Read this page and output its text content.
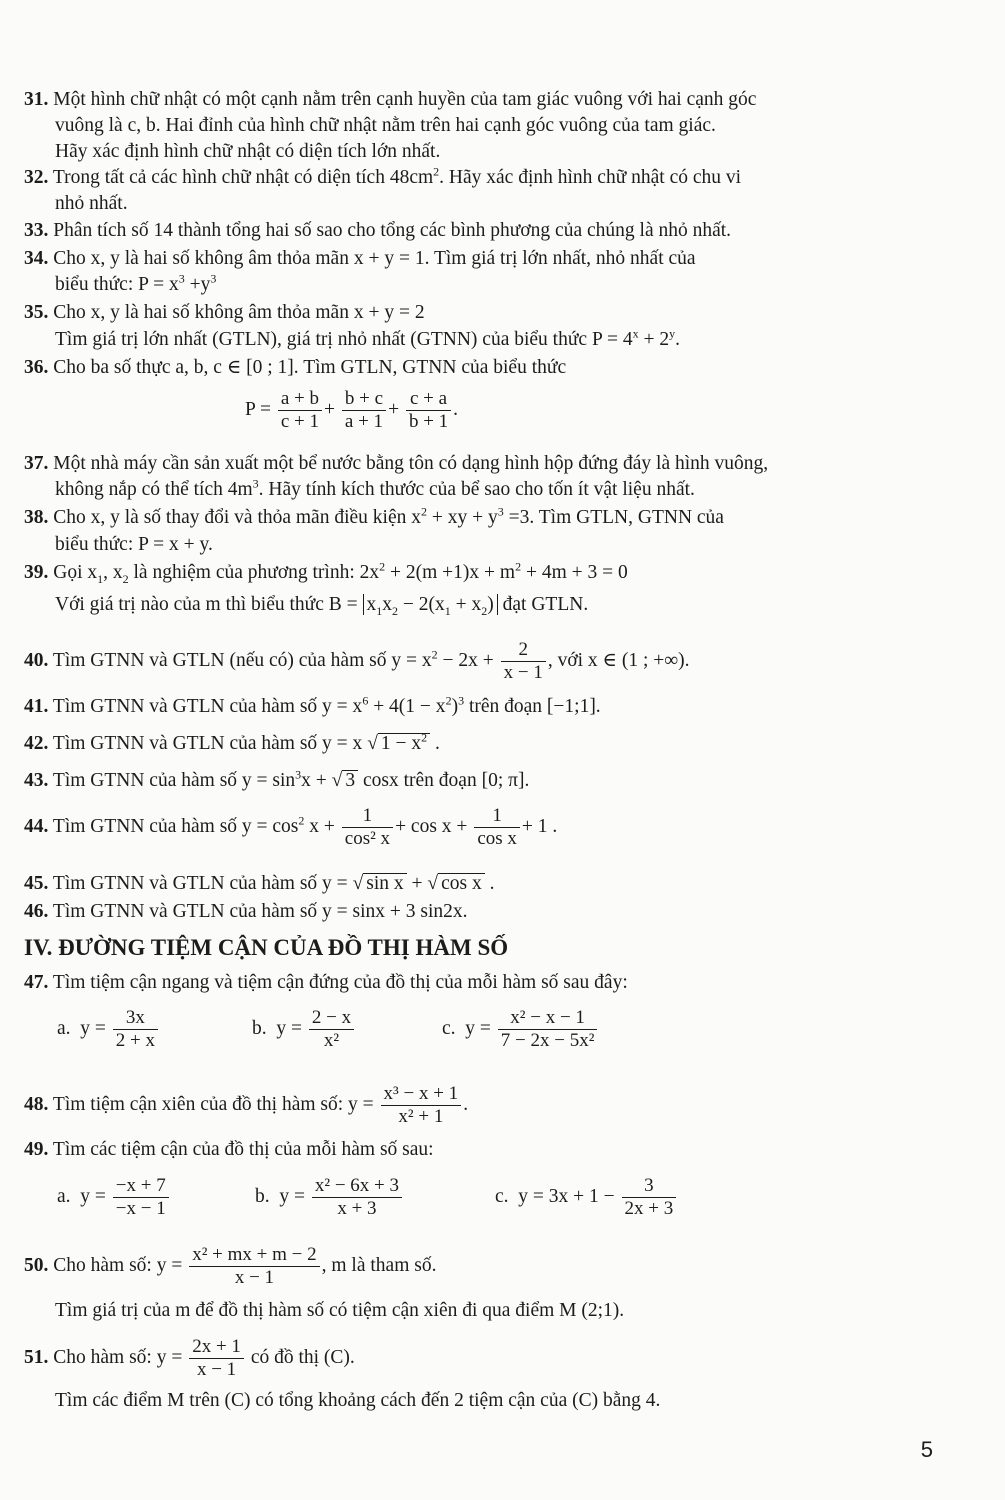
31. Một hình chữ nhật có một cạnh nằm trên cạnh huyền của tam giác vuông với hai cạnh góc
vuông là c, b. Hai đỉnh của hình chữ nhật nằm trên hai cạnh góc vuông của tam giác.
Hãy xác định hình chữ nhật có diện tích lớn nhất.
32. Trong tất cả các hình chữ nhật có diện tích $48cm^2$. Hãy xác định hình chữ nhật có chu vi
nhỏ nhất.
33. Phân tích số 14 thành tổng hai số sao cho tổng các bình phương của chúng là nhỏ nhất.
34. Cho x, y là hai số không âm thỏa mãn x + y = 1. Tìm giá trị lớn nhất, nhỏ nhất của
biểu thức: $P = x^3 +y^3$
35. Cho x, y là hai số không âm thỏa mãn x + y = 2
Tìm giá trị lớn nhất (GTLN), giá trị nhỏ nhất (GTNN) của biểu thức $P = 4^x + 2^y$.
36. Cho ba số thực a, b, c ∈ [0 ; 1]. Tìm GTLN, GTNN của biểu thức
$P = \frac{a + b}{c + 1} + \frac{b + c}{a + 1} + \frac{c + a}{b + 1}$ .
37. Một nhà máy cần sản xuất một bể nước bằng tôn có dạng hình hộp đứng đáy là hình vuông,
không nắp có thể tích $4m^3$. Hãy tính kích thước của bể sao cho tốn ít vật liệu nhất.
38. Cho x, y là số thay đổi và thỏa mãn điều kiện $x^2$ + xy + $y^3 =3$. Tìm GTLN, GTNN của
biểu thức: P = x + y.
39. Gọi $x_1$, $x_2$ là nghiệm của phương trình: $2x^2 + 2(m +1)x + m^2 + 4m + 3 = 0$
Với giá trị nào của m thì biểu thức $B = x_1x_2 - 2(x_1 + x_2)$ đạt GTLN.
40. Tìm GTNN và GTLN (nếu có) của hàm số $y = x^2 - 2x + \frac{2}{x - 1}$ , với x ∈ (1 ; +∞).
41. Tìm GTNN và GTLN của hàm số $y = x^6 + 4(1 - x^2)^3$ trên đoạn [−1;1].
42. Tìm GTNN và GTLN của hàm số y = x √ $1 - x^2$ .
43. Tìm GTNN của hàm số $y = \sin^3x$ + √ 3 cosx trên đoạn [0; π].
44. Tìm GTNN của hàm số $y = \cos^2 x + \frac{1}{\text{cos² x}} + \cos x + \frac{1}{\text{cos x}} + 1$ .
45. Tìm GTNN và GTLN của hàm số y = √ sin x + √ cos x .
46. Tìm GTNN và GTLN của hàm số y = sinx + 3 sin2x.
IV. ĐƯỜNG TIỆM CẬN CỦA ĐỒ THỊ HÀM SỐ
47. Tìm tiệm cận ngang và tiệm cận đứng của đồ thị của mỗi hàm số sau đây:
a.  $y = \frac{3x}{2 + x}$	b.  $y = \frac{2 - x}{\text{x²}}$	c.  $y = \frac{\text{x² − x − 1}}{\text{7 − 2x − 5x²}}$
48. Tìm tiệm cận xiên của đồ thị hàm số: $y = \frac{\text{x³ − x + 1}}{\text{x² + 1}}$ .
49. Tìm các tiệm cận của đồ thị của mỗi hàm số sau:
a.  $y = \frac{-x + 7}{-x - 1}$	b.  $y = \frac{\text{x² − 6x + 3}}{x + 3}$	c.  $y = 3x + 1 - \frac{3}{2x + 3}$
50. Cho hàm số: $y = \frac{\text{x² + mx + m − 2}}{x - 1}$ , m là tham số.
Tìm giá trị của m để đồ thị hàm số có tiệm cận xiên đi qua điểm M (2;1).
51. Cho hàm số: $y = \frac{2x + 1}{x - 1}$ có đồ thị (C).
Tìm các điểm M trên (C) có tổng khoảng cách đến 2 tiệm cận của (C) bằng 4.
5
